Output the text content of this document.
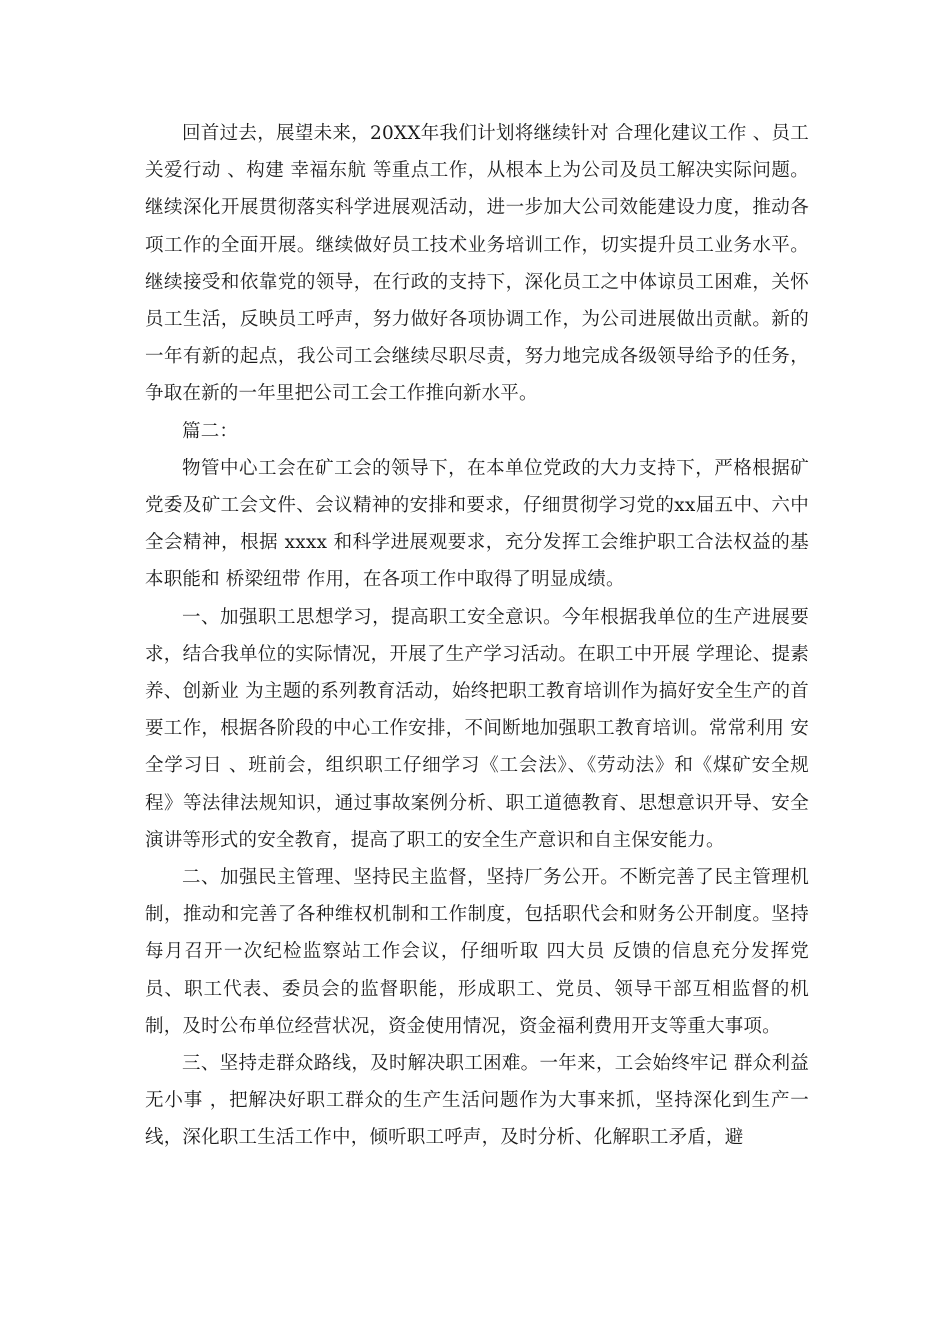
回首过去，展望未来，20XX年我们计划将继续针对 合理化建议工作 、员工关爱行动 、构建 幸福东航 等重点工作，从根本上为公司及员工解决实际问题。继续深化开展贯彻落实科学进展观活动，进一步加大公司效能建设力度，推动各项工作的全面开展。继续做好员工技术业务培训工作，切实提升员工业务水平。继续接受和依靠党的领导，在行政的支持下，深化员工之中体谅员工困难，关怀员工生活，反映员工呼声，努力做好各项协调工作，为公司进展做出贡献。新的一年有新的起点，我公司工会继续尽职尽责，努力地完成各级领导给予的任务，争取在新的一年里把公司工会工作推向新水平。

篇二：

物管中心工会在矿工会的领导下，在本单位党政的大力支持下，严格根据矿党委及矿工会文件、会议精神的安排和要求，仔细贯彻学习党的xx届五中、六中全会精神，根据 xxxx 和科学进展观要求，充分发挥工会维护职工合法权益的基本职能和 桥梁纽带 作用，在各项工作中取得了明显成绩。

一、加强职工思想学习，提高职工安全意识。今年根据我单位的生产进展要求，结合我单位的实际情况，开展了生产学习活动。在职工中开展 学理论、提素养、创新业 为主题的系列教育活动，始终把职工教育培训作为搞好安全生产的首要工作，根据各阶段的中心工作安排，不间断地加强职工教育培训。常常利用 安全学习日 、班前会，组织职工仔细学习《工会法》、《劳动法》和《煤矿安全规程》等法律法规知识，通过事故案例分析、职工道德教育、思想意识开导、安全演讲等形式的安全教育，提高了职工的安全生产意识和自主保安能力。

二、加强民主管理、坚持民主监督，坚持厂务公开。不断完善了民主管理机制，推动和完善了各种维权机制和工作制度，包括职代会和财务公开制度。坚持每月召开一次纪检监察站工作会议，仔细听取 四大员 反馈的信息充分发挥党员、职工代表、委员会的监督职能，形成职工、党员、领导干部互相监督的机制，及时公布单位经营状况，资金使用情况，资金福利费用开支等重大事项。

三、坚持走群众路线，及时解决职工困难。一年来，工会始终牢记 群众利益无小事 ，把解决好职工群众的生产生活问题作为大事来抓，坚持深化到生产一线，深化职工生活工作中，倾听职工呼声，及时分析、化解职工矛盾，避
